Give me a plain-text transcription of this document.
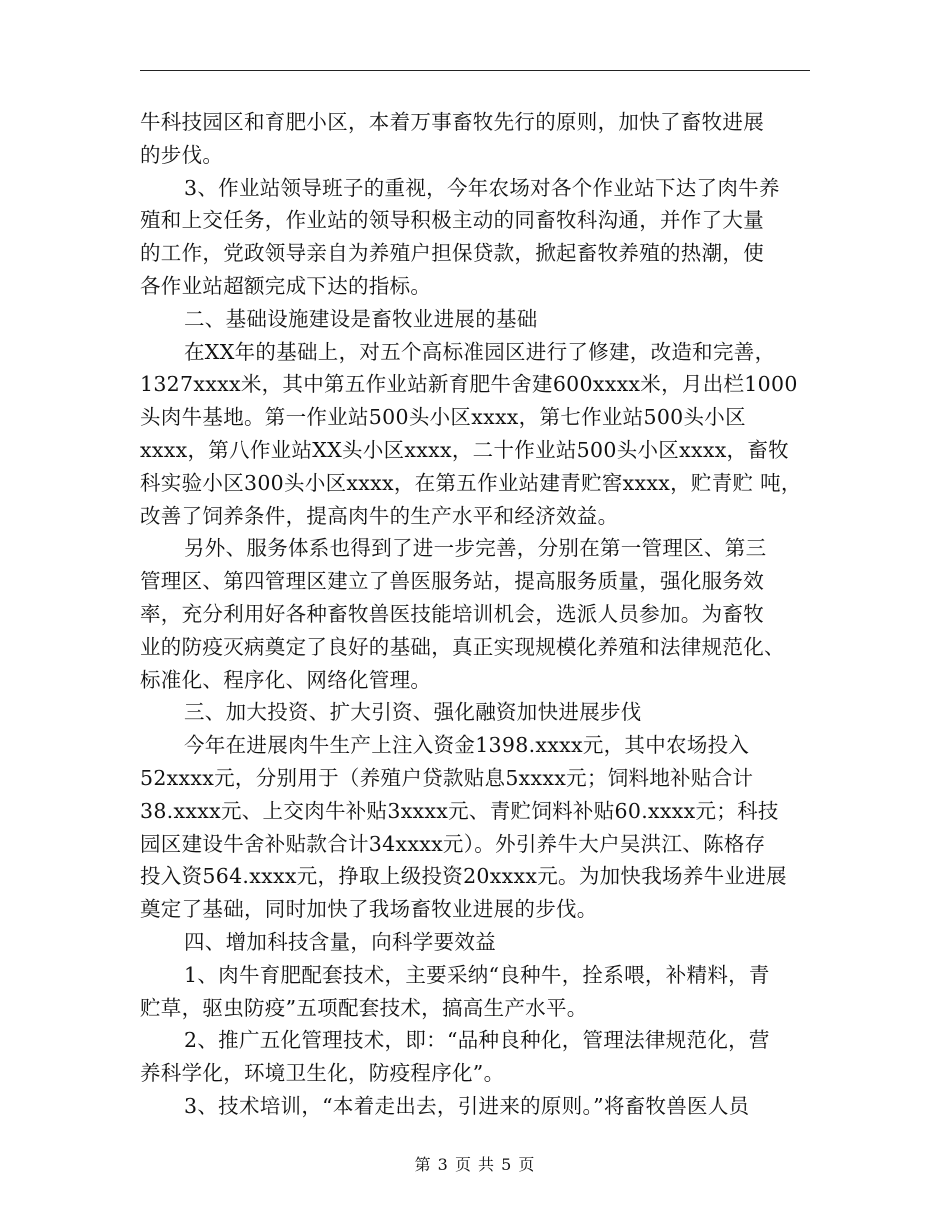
牛科技园区和育肥小区，本着万事畜牧先行的原则，加快了畜牧进展
的步伐。
3、作业站领导班子的重视，今年农场对各个作业站下达了肉牛养
殖和上交任务，作业站的领导积极主动的同畜牧科沟通，并作了大量
的工作，党政领导亲自为养殖户担保贷款，掀起畜牧养殖的热潮，使
各作业站超额完成下达的指标。
二、基础设施建设是畜牧业进展的基础
在XX年的基础上，对五个高标准园区进行了修建，改造和完善，
1327xxxx米，其中第五作业站新育肥牛舍建600xxxx米，月出栏1000
头肉牛基地。第一作业站500头小区xxxx，第七作业站500头小区
xxxx，第八作业站XX头小区xxxx，二十作业站500头小区xxxx，畜牧
科实验小区300头小区xxxx，在第五作业站建青贮窖xxxx，贮青贮 吨，
改善了饲养条件，提高肉牛的生产水平和经济效益。
另外、服务体系也得到了进一步完善，分别在第一管理区、第三
管理区、第四管理区建立了兽医服务站，提高服务质量，强化服务效
率，充分利用好各种畜牧兽医技能培训机会，选派人员参加。为畜牧
业的防疫灭病奠定了良好的基础，真正实现规模化养殖和法律规范化、
标准化、程序化、网络化管理。
三、加大投资、扩大引资、强化融资加快进展步伐
今年在进展肉牛生产上注入资金1398.xxxx元，其中农场投入
52xxxx元，分别用于（养殖户贷款贴息5xxxx元；饲料地补贴合计
38.xxxx元、上交肉牛补贴3xxxx元、青贮饲料补贴60.xxxx元；科技
园区建设牛舍补贴款合计34xxxx元）。外引养牛大户吴洪江、陈格存
投入资564.xxxx元，挣取上级投资20xxxx元。为加快我场养牛业进展
奠定了基础，同时加快了我场畜牧业进展的步伐。
四、增加科技含量，向科学要效益
1、肉牛育肥配套技术，主要采纳“良种牛，拴系喂，补精料，青
贮草，驱虫防疫”五项配套技术，搞高生产水平。
2、推广五化管理技术，即：“品种良种化，管理法律规范化，营
养科学化，环境卫生化，防疫程序化”。
3、技术培训，“本着走出去，引进来的原则。”将畜牧兽医人员
第 3 页 共 5 页
